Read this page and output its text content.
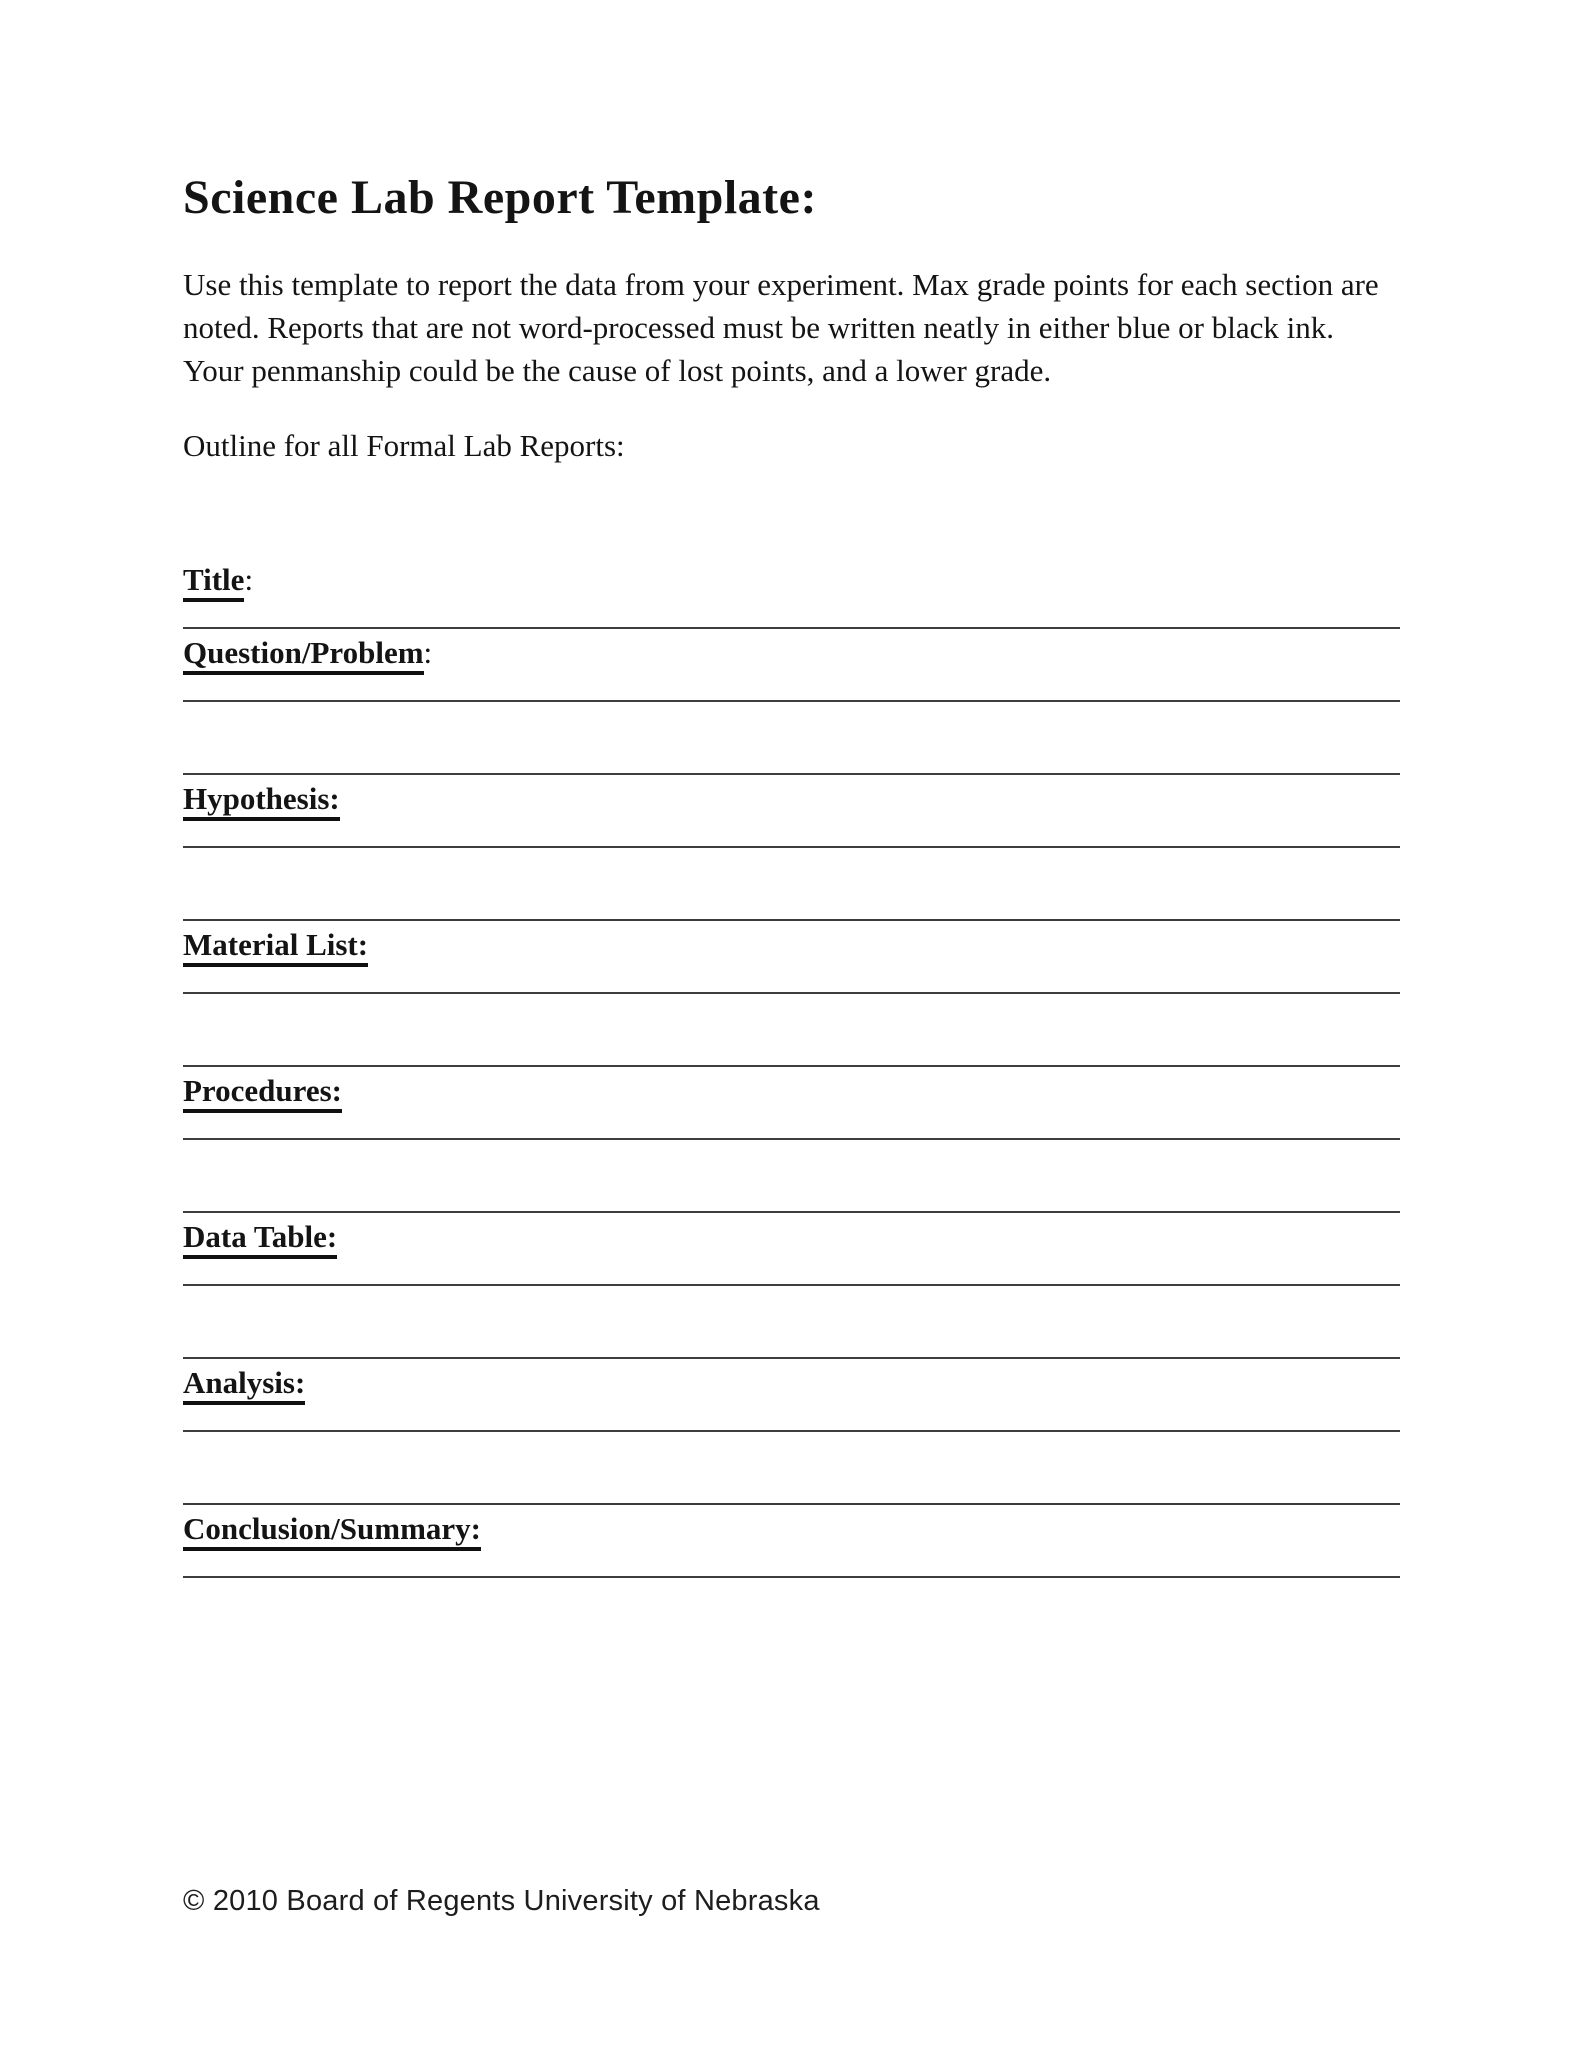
Science Lab Report Template:

Use this template to report the data from your experiment. Max grade points for each section are noted. Reports that are not word-processed must be written neatly in either blue or black ink. Your penmanship could be the cause of lost points, and a lower grade.

Outline for all Formal Lab Reports:

Title:
Question/Problem:
Hypothesis:
Material List:
Procedures:
Data Table:
Analysis:
Conclusion/Summary:
© 2010 Board of Regents University of Nebraska
